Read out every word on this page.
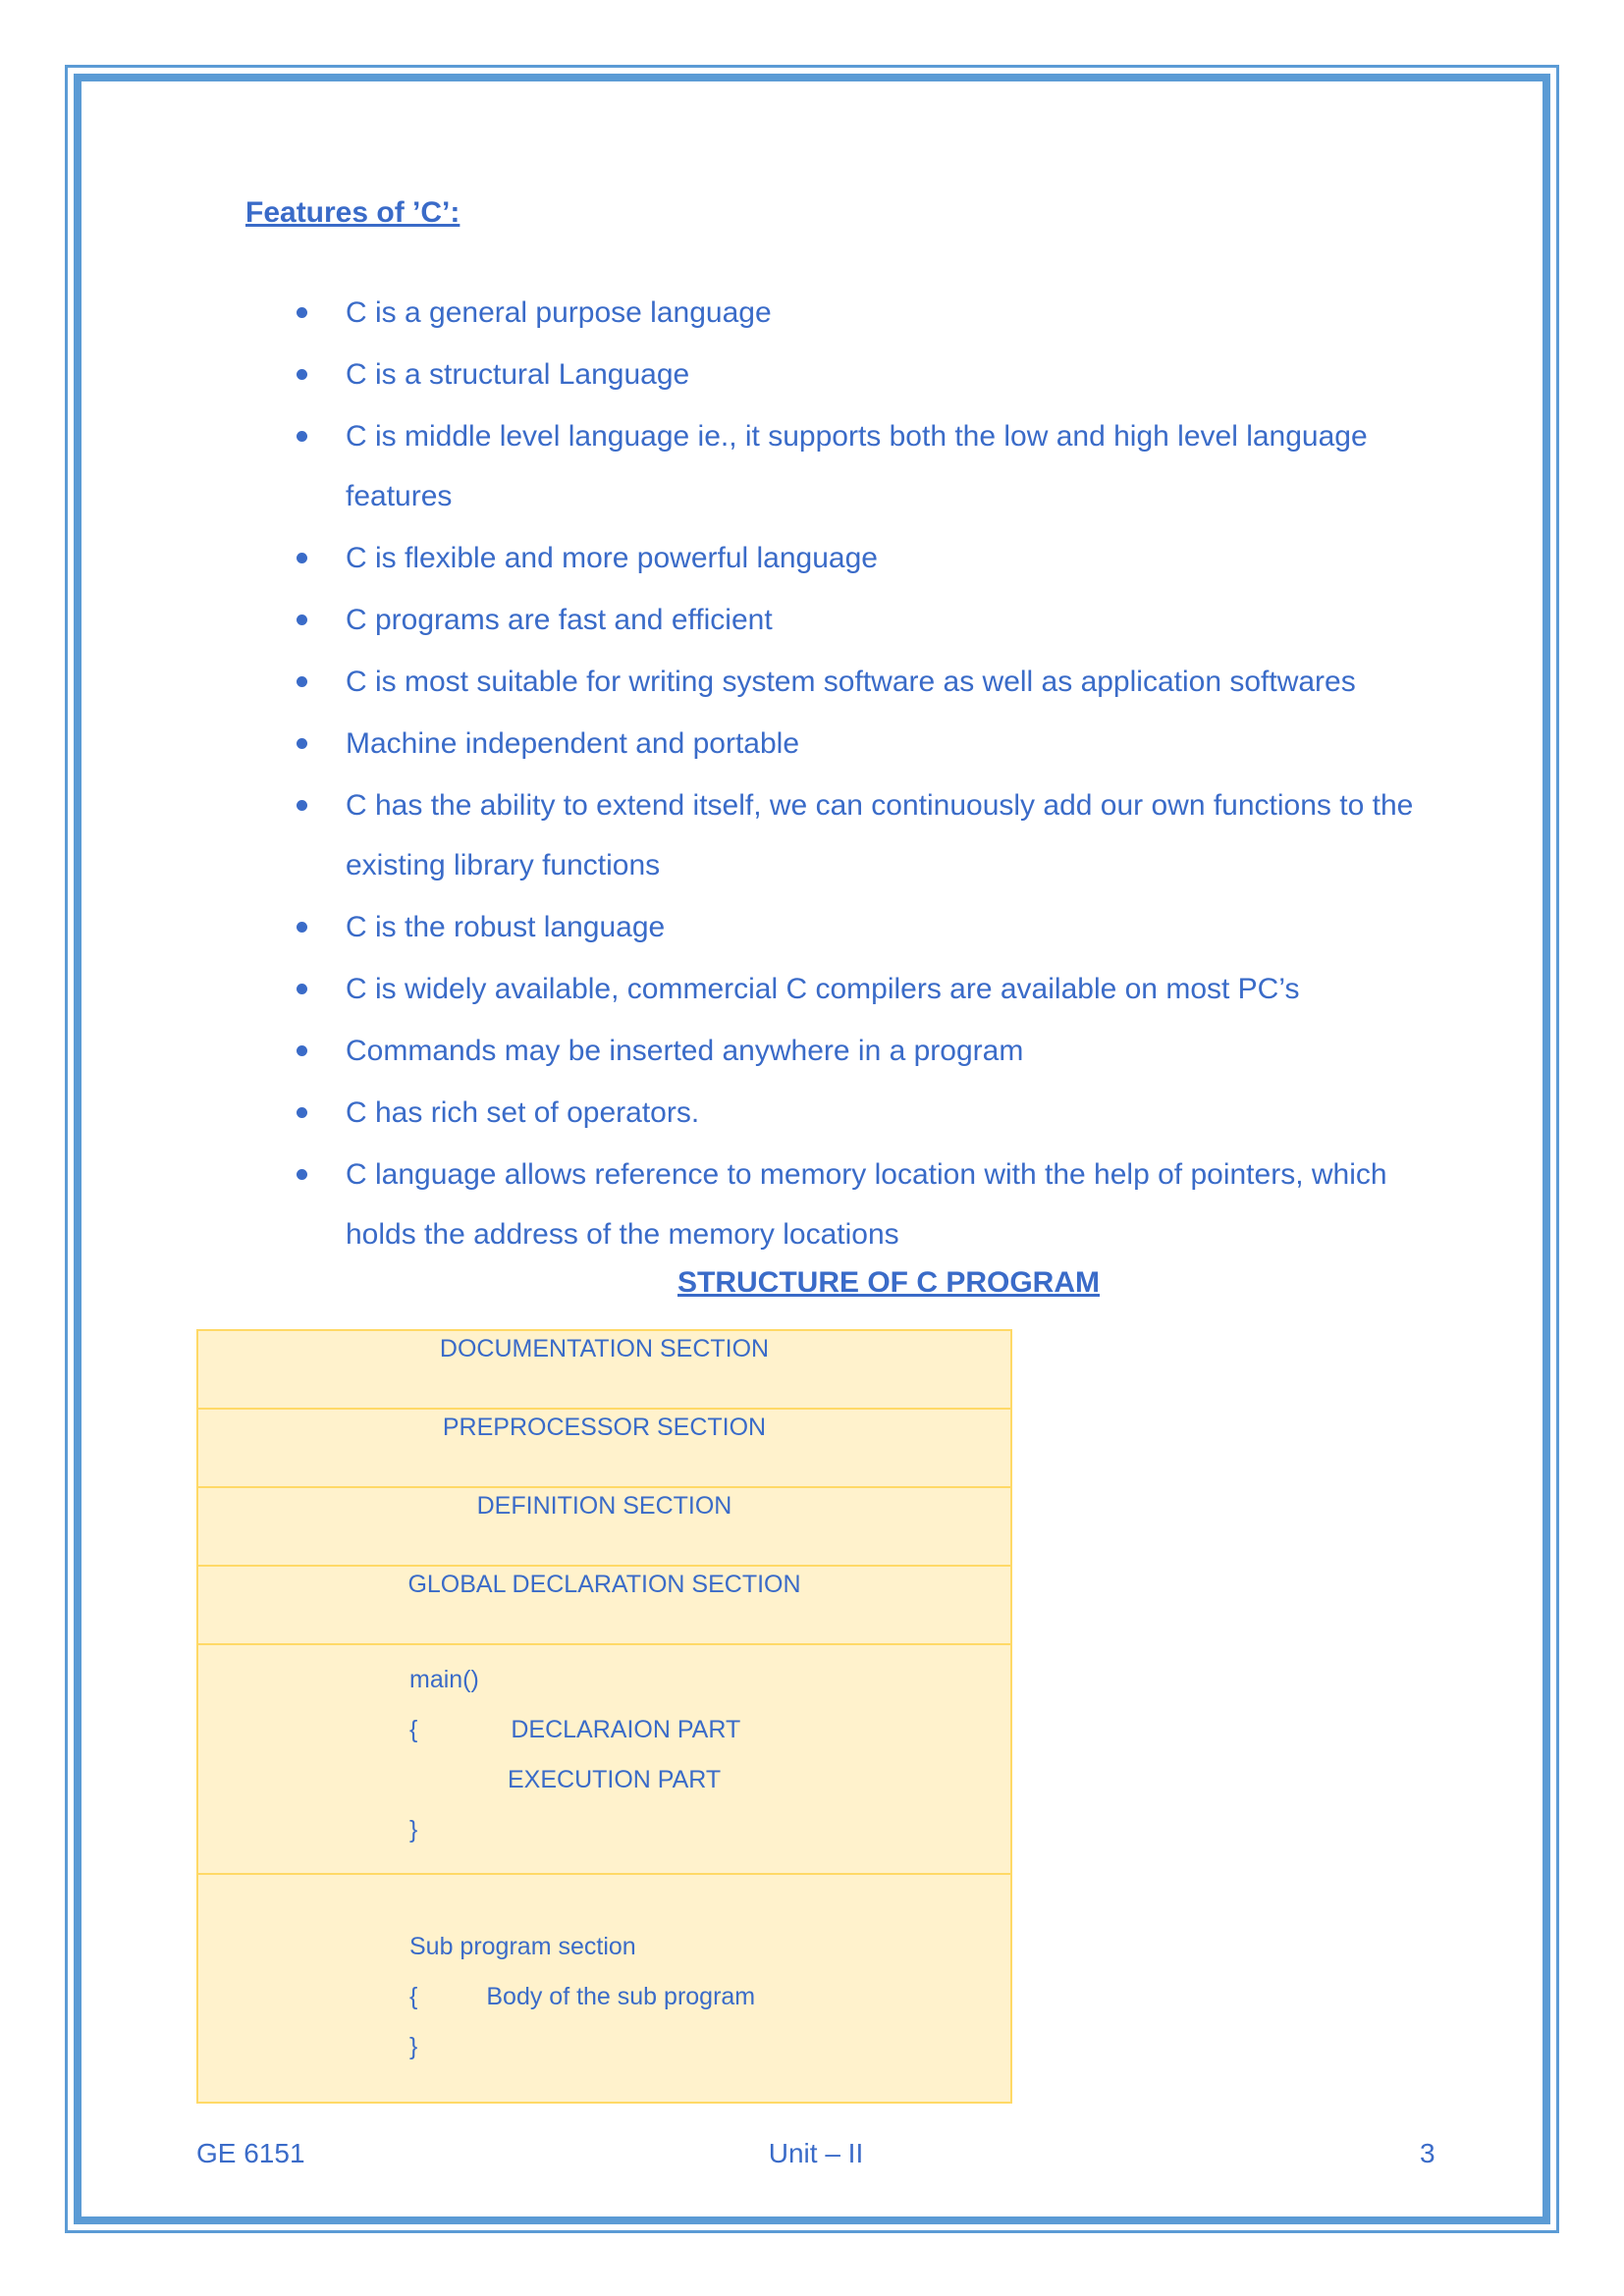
Features of ’C’:
C is a general purpose language
C is a structural Language
C is middle level language ie., it supports both the low and high level language features
C is flexible and more powerful language
C programs are fast and efficient
C is most suitable for writing system software as well as application softwares
Machine independent and portable
C has the ability to extend itself, we can continuously add our own functions to the existing library functions
C is the robust language
C is widely available, commercial C compilers are available on most PC’s
Commands may be inserted anywhere in a program
C has rich set of operators.
C language allows reference to memory location with the help of pointers, which holds the address of the memory locations
STRUCTURE OF C PROGRAM
DOCUMENTATION SECTION
PREPROCESSOR SECTION
DEFINITION SECTION
GLOBAL DECLARATION SECTION
main()
{	DECLARAION PART
EXECUTION PART
}
Sub program section
{	Body of the sub program
}
GE 6151	Unit – II	3
